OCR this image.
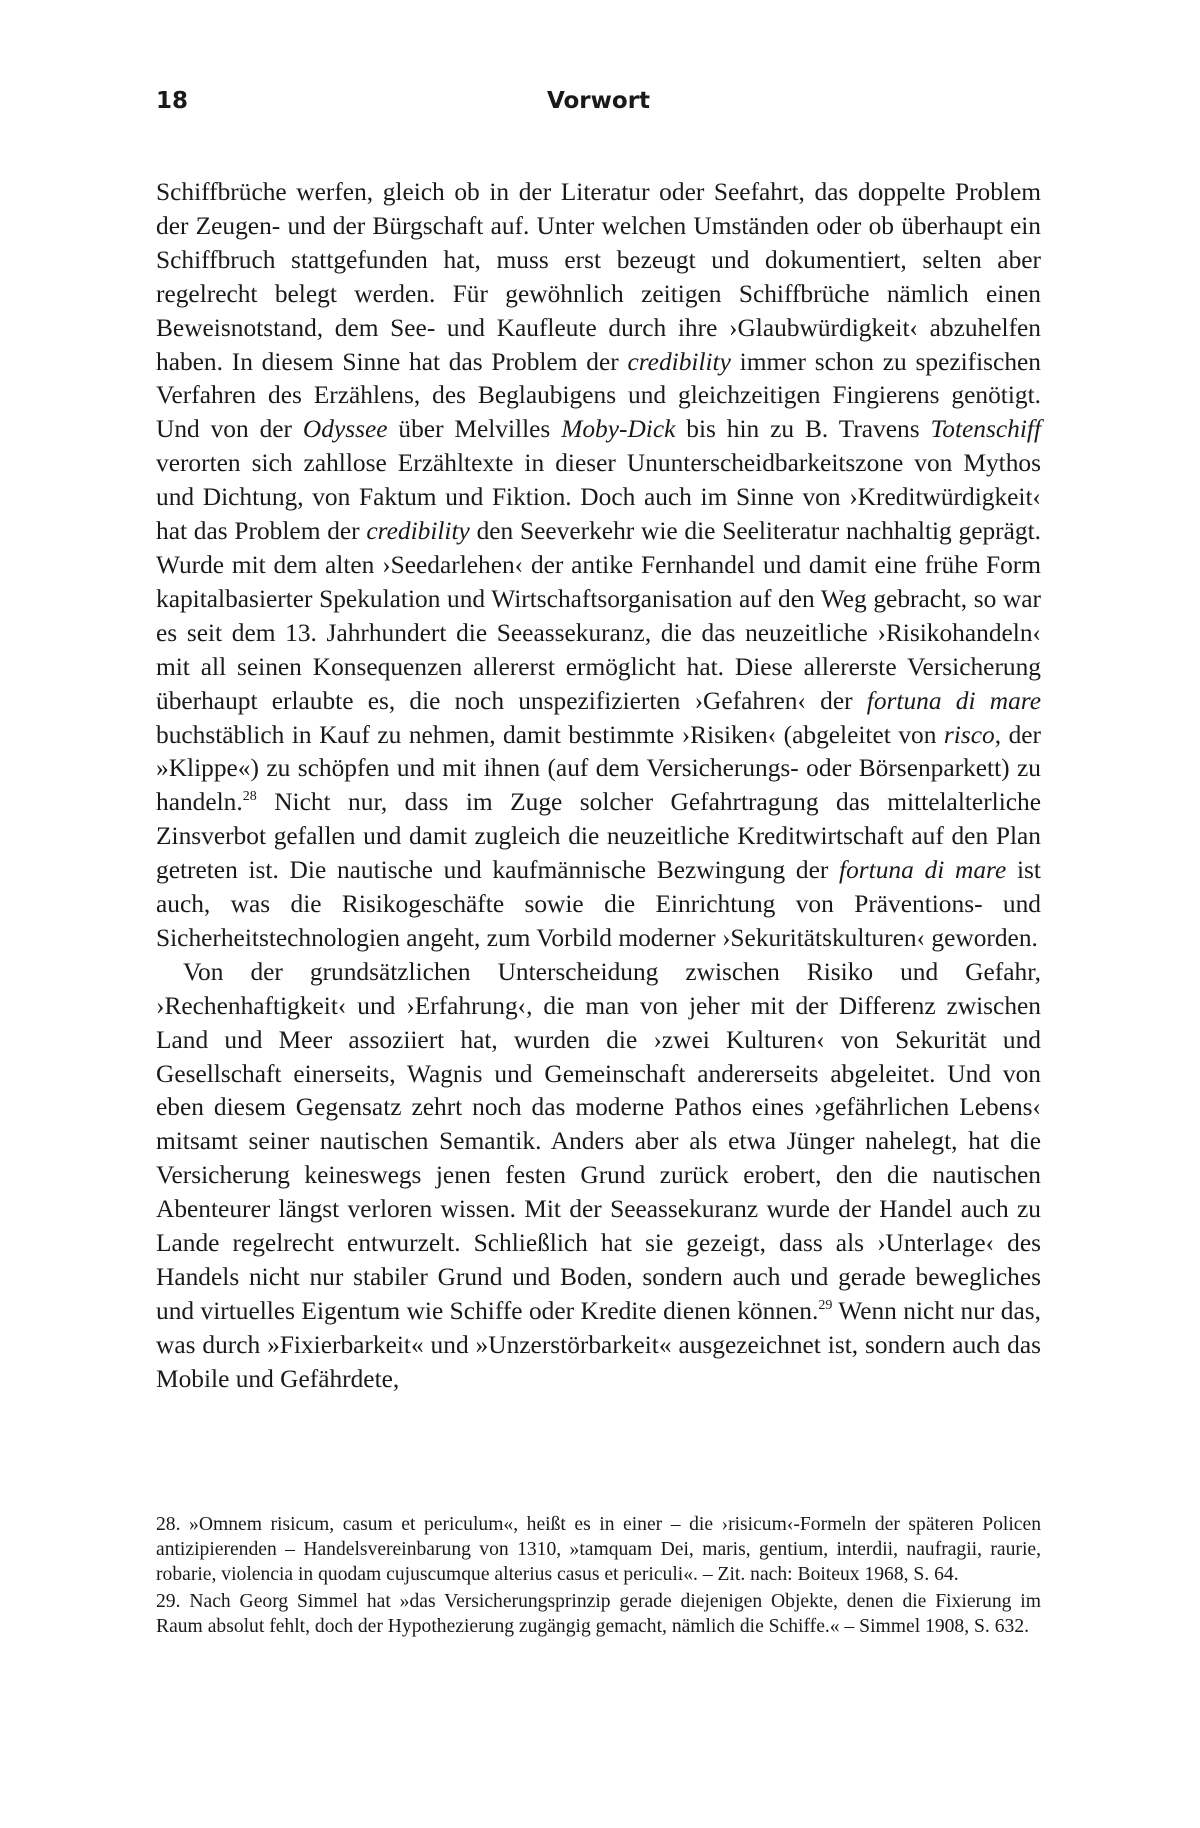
18	Vorwort

Schiffbrüche werfen, gleich ob in der Literatur oder Seefahrt, das doppelte Problem der Zeugen- und der Bürgschaft auf. Unter welchen Umständen oder ob überhaupt ein Schiffbruch stattgefunden hat, muss erst bezeugt und dokumentiert, selten aber regelrecht belegt werden. Für gewöhnlich zeitigen Schiffbrüche nämlich einen Beweisnotstand, dem See- und Kaufleute durch ihre ›Glaubwürdigkeit‹ abzuhelfen haben. In diesem Sinne hat das Problem der credibility immer schon zu spezifischen Verfahren des Erzählens, des Beglaubigens und gleichzeitigen Fingierens genötigt. Und von der Odyssee über Melvilles Moby-Dick bis hin zu B. Travens Totenschiff verorten sich zahllose Erzähltexte in dieser Ununterscheidbarkeitszone von Mythos und Dichtung, von Faktum und Fiktion. Doch auch im Sinne von ›Kreditwürdigkeit‹ hat das Problem der credibility den Seeverkehr wie die Seeliteratur nachhaltig geprägt. Wurde mit dem alten ›Seedarlehen‹ der antike Fernhandel und damit eine frühe Form kapitalbasierter Spekulation und Wirtschaftsorganisation auf den Weg gebracht, so war es seit dem 13. Jahrhundert die Seeassekuranz, die das neuzeitliche ›Risikohandeln‹ mit all seinen Konsequenzen allererst ermöglicht hat. Diese allererste Versicherung überhaupt erlaubte es, die noch unspezifizierten ›Gefahren‹ der fortuna di mare buchstäblich in Kauf zu nehmen, damit bestimmte ›Risiken‹ (abgeleitet von risco, der »Klippe«) zu schöpfen und mit ihnen (auf dem Versicherungs- oder Börsenparkett) zu handeln.$^{28}$ Nicht nur, dass im Zuge solcher Gefahrtragung das mittelalterliche Zinsverbot gefallen und damit zugleich die neuzeitliche Kreditwirtschaft auf den Plan getreten ist. Die nautische und kaufmännische Bezwingung der fortuna di mare ist auch, was die Risikogeschäfte sowie die Einrichtung von Präventions- und Sicherheitstechnologien angeht, zum Vorbild moderner ›Sekuritätskulturen‹ geworden.

Von der grundsätzlichen Unterscheidung zwischen Risiko und Gefahr, ›Rechenhaftigkeit‹ und ›Erfahrung‹, die man von jeher mit der Differenz zwischen Land und Meer assoziiert hat, wurden die ›zwei Kulturen‹ von Sekurität und Gesellschaft einerseits, Wagnis und Gemeinschaft andererseits abgeleitet. Und von eben diesem Gegensatz zehrt noch das moderne Pathos eines ›gefährlichen Lebens‹ mitsamt seiner nautischen Semantik. Anders aber als etwa Jünger nahelegt, hat die Versicherung keineswegs jenen festen Grund zurück erobert, den die nautischen Abenteurer längst verloren wissen. Mit der Seeassekuranz wurde der Handel auch zu Lande regelrecht entwurzelt. Schließlich hat sie gezeigt, dass als ›Unterlage‹ des Handels nicht nur stabiler Grund und Boden, sondern auch und gerade bewegliches und virtuelles Eigentum wie Schiffe oder Kredite dienen können.$^{29}$ Wenn nicht nur das, was durch »Fixierbarkeit« und »Unzerstörbarkeit« ausgezeichnet ist, sondern auch das Mobile und Gefährdete,

28. »Omnem risicum, casum et periculum«, heißt es in einer – die ›risicum‹-Formeln der späteren Policen antizipierenden – Handelsvereinbarung von 1310, »tamquam Dei, maris, gentium, interdii, naufragii, raurie, robarie, violencia in quodam cujuscumque alterius casus et periculi«. – Zit. nach: Boiteux 1968, S. 64.

29. Nach Georg Simmel hat »das Versicherungsprinzip gerade diejenigen Objekte, denen die Fixierung im Raum absolut fehlt, doch der Hypothezierung zugängig gemacht, nämlich die Schiffe.« – Simmel 1908, S. 632.
